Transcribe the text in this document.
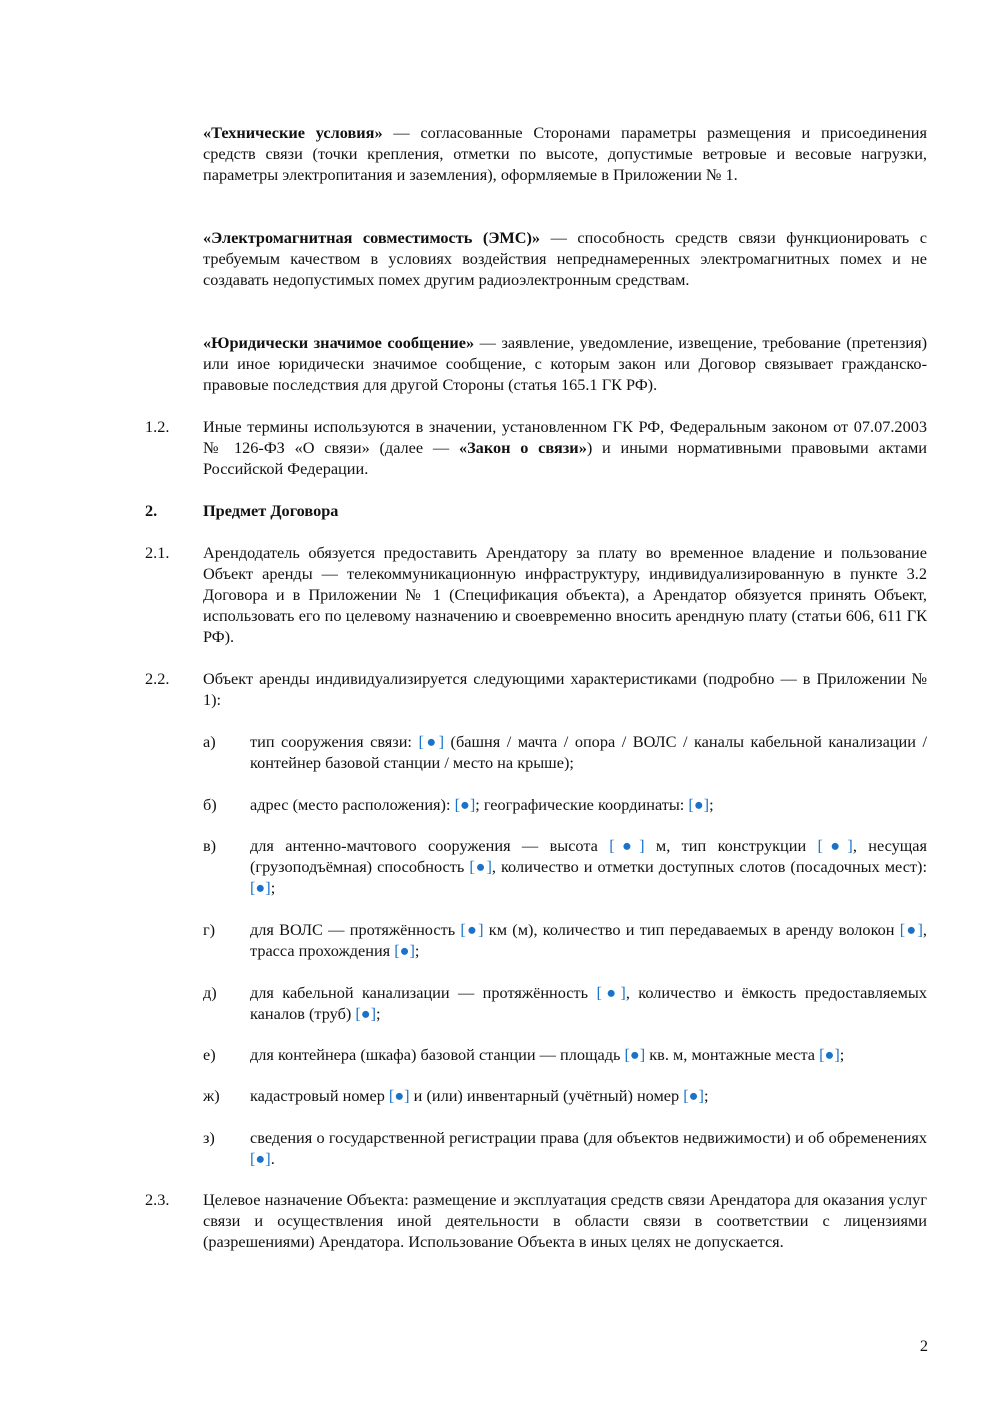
«Технические условия» — согласованные Сторонами параметры размещения и присоединения средств связи (точки крепления, отметки по высоте, допустимые ветровые и весовые нагрузки, параметры электропитания и заземления), оформляемые в Приложении № 1.
«Электромагнитная совместимость (ЭМС)» — способность средств связи функционировать с требуемым качеством в условиях воздействия непреднамеренных электромагнитных помех и не создавать недопустимых помех другим радиоэлектронным средствам.
«Юридически значимое сообщение» — заявление, уведомление, извещение, требование (претензия) или иное юридически значимое сообщение, с которым закон или Договор связывает гражданско-правовые последствия для другой Стороны (статья 165.1 ГК РФ).
1.2.	Иные термины используются в значении, установленном ГК РФ, Федеральным законом от 07.07.2003 № 126-ФЗ «О связи» (далее — «Закон о связи») и иными нормативными правовыми актами Российской Федерации.
2.	Предмет Договора
2.1.	Арендодатель обязуется предоставить Арендатору за плату во временное владение и пользование Объект аренды — телекоммуникационную инфраструктуру, индивидуализированную в пункте 3.2 Договора и в Приложении № 1 (Спецификация объекта), а Арендатор обязуется принять Объект, использовать его по целевому назначению и своевременно вносить арендную плату (статьи 606, 611 ГК РФ).
2.2.	Объект аренды индивидуализируется следующими характеристиками (подробно — в Приложении № 1):
а)	тип сооружения связи: [●] (башня / мачта / опора / ВОЛС / каналы кабельной канализации / контейнер базовой станции / место на крыше);
б)	адрес (место расположения): [●]; географические координаты: [●];
в)	для антенно-мачтового сооружения — высота [●] м, тип конструкции [●], несущая (грузоподъёмная) способность [●], количество и отметки доступных слотов (посадочных мест): [●];
г)	для ВОЛС — протяжённость [●] км (м), количество и тип передаваемых в аренду волокон [●], трасса прохождения [●];
д)	для кабельной канализации — протяжённость [●], количество и ёмкость предоставляемых каналов (труб) [●];
е)	для контейнера (шкафа) базовой станции — площадь [●] кв. м, монтажные места [●];
ж)	кадастровый номер [●] и (или) инвентарный (учётный) номер [●];
з)	сведения о государственной регистрации права (для объектов недвижимости) и об обременениях [●].
2.3.	Целевое назначение Объекта: размещение и эксплуатация средств связи Арендатора для оказания услуг связи и осуществления иной деятельности в области связи в соответствии с лицензиями (разрешениями) Арендатора. Использование Объекта в иных целях не допускается.
2
